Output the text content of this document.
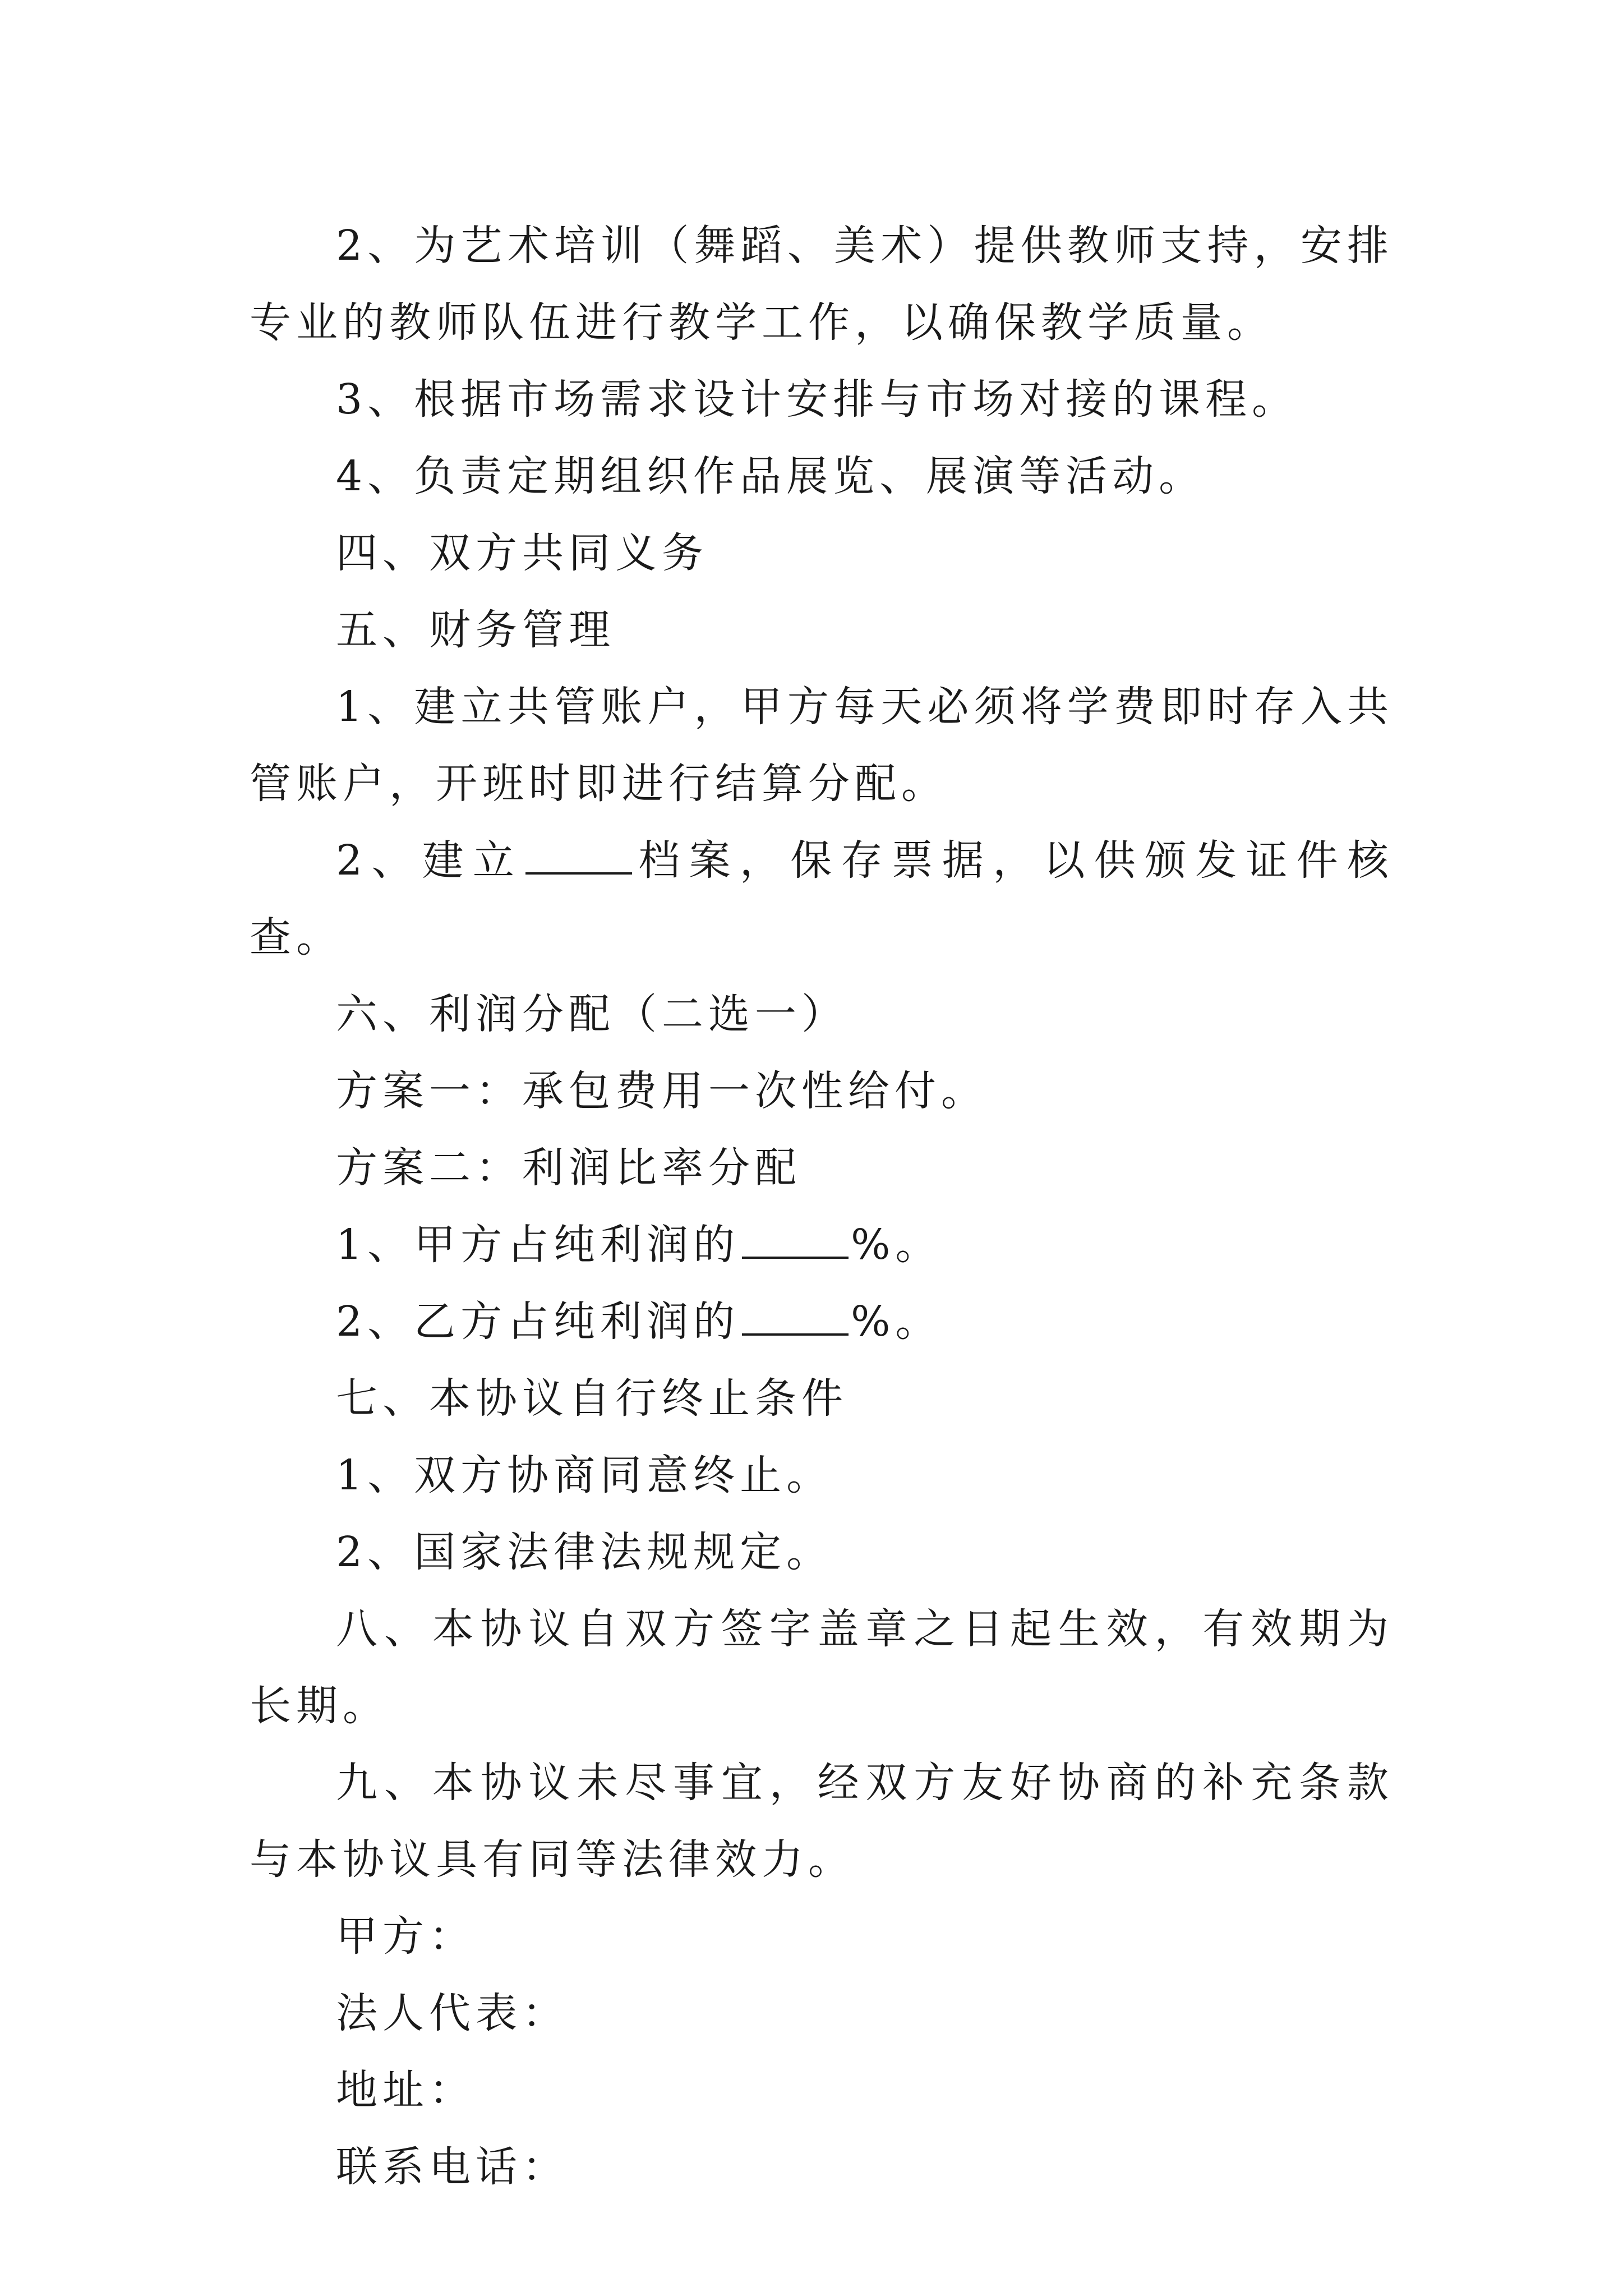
2、为艺术培训（舞蹈、美术）提供教师支持，安排专业的教师队伍进行教学工作，以确保教学质量。

3、根据市场需求设计安排与市场对接的课程。

4、负责定期组织作品展览、展演等活动。

四、双方共同义务

五、财务管理

1、建立共管账户，甲方每天必须将学费即时存入共管账户，开班时即进行结算分配。

2、建立	档案，保存票据，以供颁发证件核查。

六、利润分配（二选一）

方案一：承包费用一次性给付。

方案二：利润比率分配

1、甲方占纯利润的	%。

2、乙方占纯利润的	%。

七、本协议自行终止条件

1、双方协商同意终止。

2、国家法律法规规定。

八、本协议自双方签字盖章之日起生效，有效期为长期。

九、本协议未尽事宜，经双方友好协商的补充条款与本协议具有同等法律效力。

甲方：

法人代表：

地址：

联系电话：
